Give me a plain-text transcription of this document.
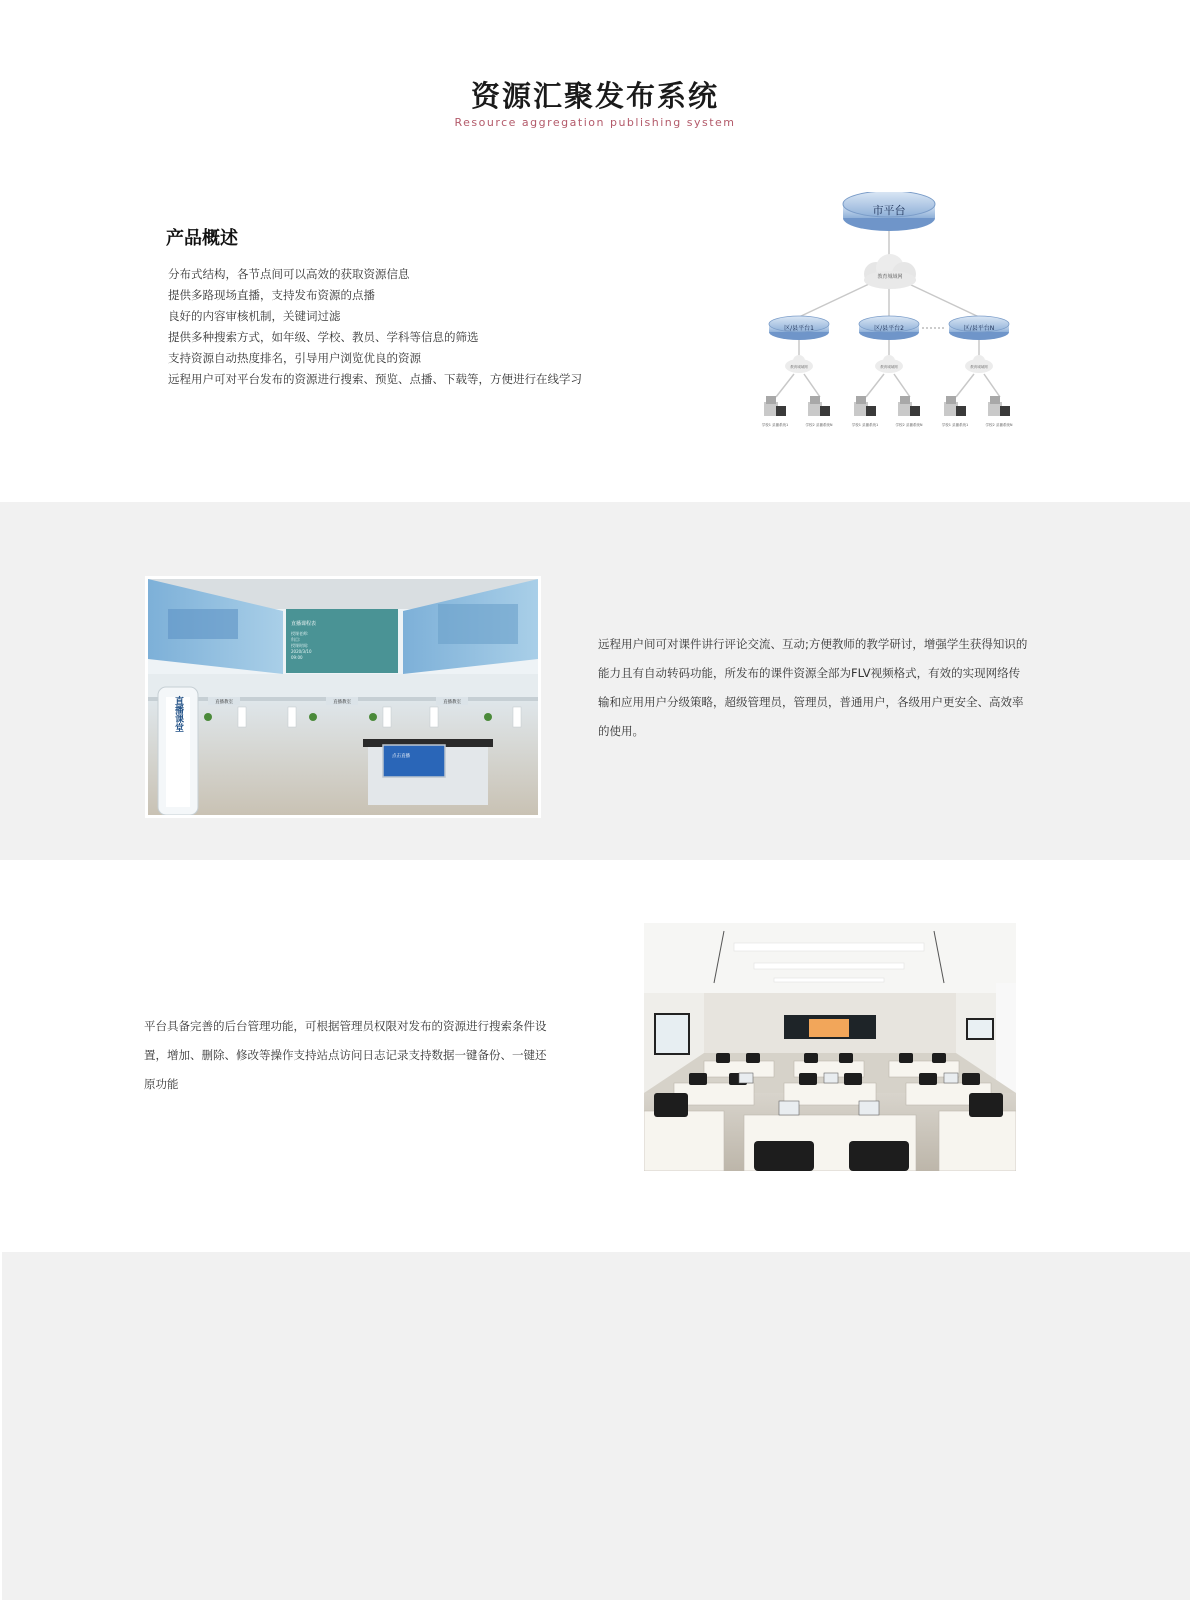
资源汇聚发布系统
Resource aggregation publishing system
产品概述
分布式结构，各节点间可以高效的获取资源信息
提供多路现场直播，支持发布资源的点播
良好的内容审核机制，关键词过滤
提供多种搜索方式，如年级、学校、教员、学科等信息的筛选
支持资源自动热度排名，引导用户浏览优良的资源
远程用户可对平台发布的资源进行搜索、预览、点播、下载等，方便进行在线学习
市平台
教育城域网
区/县平台1	区/县平台2	区/县平台N
教育城域网	教育城域网	教育城域网
学校1 录播系统1	学校2 录播系统N	学校1 录播系统1	学校2 录播系统N	学校1 录播系统1	学校2 录播系统N
直播课程表
授课老师:
科目:
授课时间:
2020/3/10
09:00
直播教室	直播教室	直播教室
直播课堂
点击直播

远程用户间可对课件讲行评论交流、互动;方便教师的教学研讨，增强学生获得知识的能力且有自动转码功能，所发布的课件资源全部为FLV视频格式，有效的实现网络传输和应用用户分级策略，超级管理员，管理员，普通用户，各级用户更安全、高效率的使用。

平台具备完善的后台管理功能，可根据管理员权限对发布的资源进行搜索条件设置，增加、删除、修改等操作支持站点访问日志记录支持数据一键备份、一键还原功能
